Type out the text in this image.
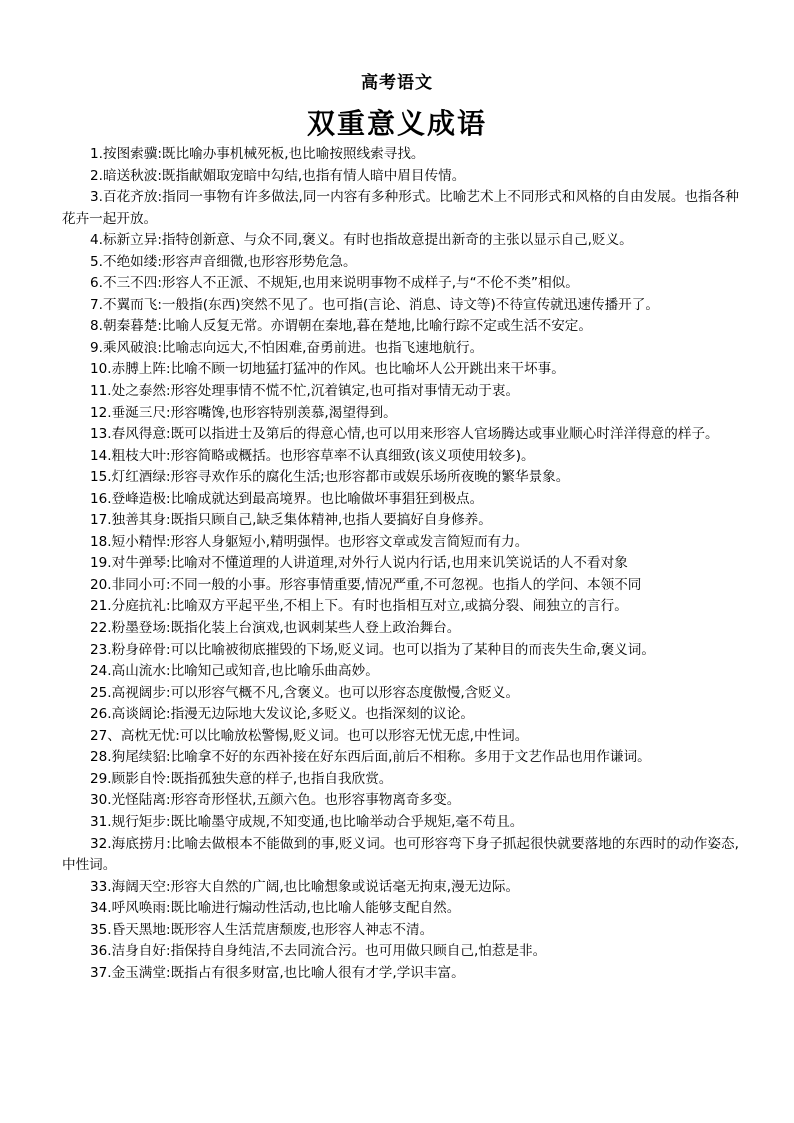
高考语文
双重意义成语
1.按图索骥:既比喻办事机械死板,也比喻按照线索寻找。
2.暗送秋波:既指献媚取宠暗中勾结,也指有情人暗中眉目传情。
3.百花齐放:指同一事物有许多做法,同一内容有多种形式。比喻艺术上不同形式和风格的自由发展。也指各种花卉一起开放。
4.标新立异:指特创新意、与众不同,褒义。有时也指故意提出新奇的主张以显示自己,贬义。
5.不绝如缕:形容声音细微,也形容形势危急。
6.不三不四:形容人不正派、不规矩,也用来说明事物不成样子,与“不伦不类”相似。
7.不翼而飞:一般指(东西)突然不见了。也可指(言论、消息、诗文等)不待宣传就迅速传播开了。
8.朝秦暮楚:比喻人反复无常。亦谓朝在秦地,暮在楚地,比喻行踪不定或生活不安定。
9.乘风破浪:比喻志向远大,不怕困难,奋勇前进。也指飞速地航行。
10.赤膊上阵:比喻不顾一切地猛打猛冲的作风。也比喻坏人公开跳出来干坏事。
11.处之泰然:形容处理事情不慌不忙,沉着镇定,也可指对事情无动于衷。
12.垂涎三尺:形容嘴馋,也形容特别羡慕,渴望得到。
13.春风得意:既可以指进士及第后的得意心情,也可以用来形容人官场腾达或事业顺心时洋洋得意的样子。
14.粗枝大叶:形容简略或概括。也形容草率不认真细致(该义项使用较多)。
15.灯红酒绿:形容寻欢作乐的腐化生活;也形容都市或娱乐场所夜晚的繁华景象。
16.登峰造极:比喻成就达到最高境界。也比喻做坏事猖狂到极点。
17.独善其身:既指只顾自己,缺乏集体精神,也指人要搞好自身修养。
18.短小精悍:形容人身躯短小,精明强悍。也形容文章或发言简短而有力。
19.对牛弹琴:比喻对不懂道理的人讲道理,对外行人说内行话,也用来讥笑说话的人不看对象
20.非同小可:不同一般的小事。形容事情重要,情况严重,不可忽视。也指人的学问、本领不同
21.分庭抗礼:比喻双方平起平坐,不相上下。有时也指相互对立,或搞分裂、闹独立的言行。
22.粉墨登场:既指化装上台演戏,也讽刺某些人登上政治舞台。
23.粉身碎骨:可以比喻被彻底摧毁的下场,贬义词。也可以指为了某种目的而丧失生命,褒义词。
24.高山流水:比喻知己或知音,也比喻乐曲高妙。
25.高视阔步:可以形容气概不凡,含褒义。也可以形容态度傲慢,含贬义。
26.高谈阔论:指漫无边际地大发议论,多贬义。也指深刻的议论。
27、高枕无忧:可以比喻放松警惕,贬义词。也可以形容无忧无虑,中性词。
28.狗尾续貂:比喻拿不好的东西补接在好东西后面,前后不相称。多用于文艺作品也用作谦词。
29.顾影自怜:既指孤独失意的样子,也指自我欣赏。
30.光怪陆离:形容奇形怪状,五颜六色。也形容事物离奇多变。
31.规行矩步:既比喻墨守成规,不知变通,也比喻举动合乎规矩,毫不苟且。
32.海底捞月:比喻去做根本不能做到的事,贬义词。也可形容弯下身子抓起很快就要落地的东西时的动作姿态,中性词。
33.海阔天空:形容大自然的广阔,也比喻想象或说话毫无拘束,漫无边际。
34.呼风唤雨:既比喻进行煽动性活动,也比喻人能够支配自然。
35.昏天黑地:既形容人生活荒唐颓废,也形容人神志不清。
36.洁身自好:指保持自身纯洁,不去同流合污。也可用做只顾自己,怕惹是非。
37.金玉满堂:既指占有很多财富,也比喻人很有才学,学识丰富。
